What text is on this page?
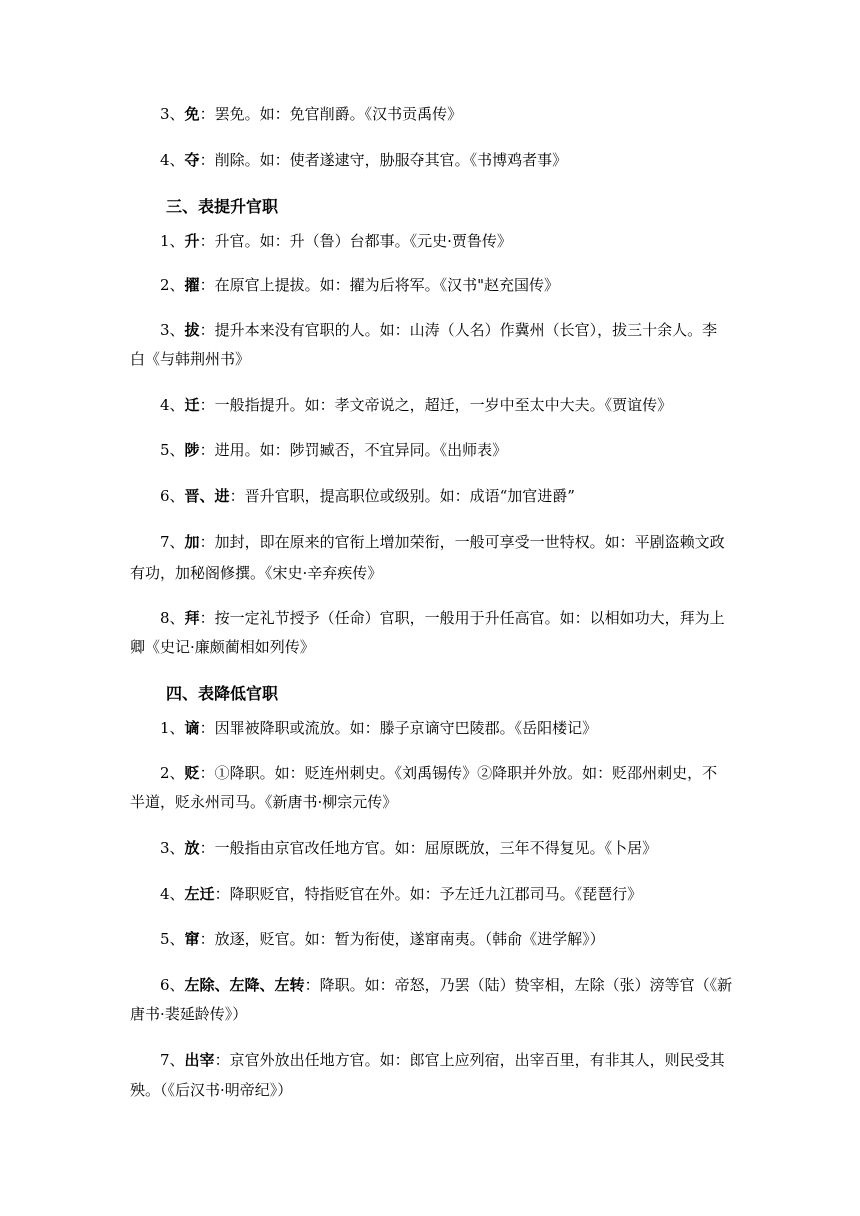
3、免：罢免。如：免官削爵。《汉书贡禹传》
4、夺：削除。如：使者遂逮守，胁服夺其官。《书博鸡者事》
三、表提升官职
1、升：升官。如：升（鲁）台都事。《元史·贾鲁传》
2、擢：在原官上提拔。如：擢为后将军。《汉书"赵充国传》
3、拔：提升本来没有官职的人。如：山涛（人名）作冀州（长官），拔三十余人。李
白《与韩荆州书》
4、迁：一般指提升。如：孝文帝说之，超迁，一岁中至太中大夫。《贾谊传》
5、陟：进用。如：陟罚臧否，不宜异同。《出师表》
6、晋、进：晋升官职，提高职位或级别。如：成语“加官进爵”
7、加：加封，即在原来的官衔上增加荣衔，一般可享受一世特权。如：平剧盗赖文政
有功，加秘阁修撰。《宋史·辛弃疾传》
8、拜：按一定礼节授予（任命）官职，一般用于升任高官。如：以相如功大，拜为上
卿《史记·廉颇蔺相如列传》
四、表降低官职
1、谪：因罪被降职或流放。如：滕子京谪守巴陵郡。《岳阳楼记》
2、贬：①降职。如：贬连州刺史。《刘禹锡传》②降职并外放。如：贬邵州刺史，不
半道，贬永州司马。《新唐书·柳宗元传》
3、放：一般指由京官改任地方官。如：屈原既放，三年不得复见。《卜居》
4、左迁：降职贬官，特指贬官在外。如：予左迁九江郡司马。《琵琶行》
5、窜：放逐，贬官。如：暂为衔使，遂窜南夷。（韩俞《进学解》）
6、左除、左降、左转：降职。如：帝怒，乃罢（陆）贽宰相，左除（张）滂等官（《新
唐书·裴延龄传》）
7、出宰：京官外放出任地方官。如：郎官上应列宿，出宰百里，有非其人，则民受其
殃。（《后汉书·明帝纪》）
